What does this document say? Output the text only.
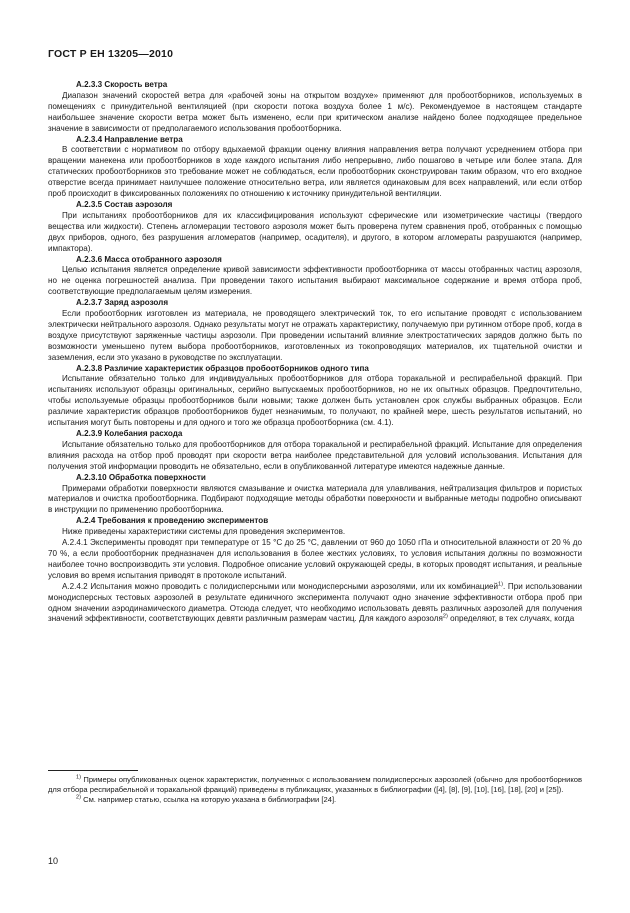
ГОСТ Р ЕН 13205—2010
А.2.3.3 Скорость ветра

Диапазон значений скоростей ветра для «рабочей зоны на открытом воздухе» применяют для пробоотборников, используемых в помещениях с принудительной вентиляцией (при скорости потока воздуха более 1 м/с). Рекомендуемое в настоящем стандарте наибольшее значение скорости ветра может быть изменено, если при критическом анализе найдено более подходящее предельное значение в зависимости от предполагаемого использования пробоотборника.

А.2.3.4 Направление ветра

В соответствии с нормативом по отбору вдыхаемой фракции оценку влияния направления ветра получают усреднением отбора при вращении манекена или пробоотборников в ходе каждого испытания либо непрерывно, либо пошагово в четыре или более этапа. Для статических пробоотборников это требование может не соблюдаться, если пробоотборник сконструирован таким образом, что его входное отверстие всегда принимает наилучшее положение относительно ветра, или является одинаковым для всех направлений, или если отбор проб происходит в фиксированных положениях по отношению к источнику принудительной вентиляции.

А.2.3.5 Состав аэрозоля

При испытаниях пробоотборников для их классифицирования используют сферические или изометрические частицы (твердого вещества или жидкости). Степень агломерации тестового аэрозоля может быть проверена путем сравнения проб, отобранных с помощью двух приборов, одного, без разрушения агломератов (например, осадителя), и другого, в котором агломераты разрушаются (например, импактора).

А.2.3.6 Масса отобранного аэрозоля

Целью испытания является определение кривой зависимости эффективности пробоотборника от массы отобранных частиц аэрозоля, но не оценка погрешностей анализа. При проведении такого испытания выбирают максимальное содержание и время отбора проб, соответствующие предполагаемым целям измерения.

А.2.3.7 Заряд аэрозоля

Если пробоотборник изготовлен из материала, не проводящего электрический ток, то его испытание проводят с использованием электрически нейтрального аэрозоля. Однако результаты могут не отражать характеристику, получаемую при рутинном отборе проб, когда в воздухе присутствуют заряженные частицы аэрозоли. При проведении испытаний влияние электростатических зарядов должно быть по возможности уменьшено путем выбора пробоотборников, изготовленных из токопроводящих материалов, их тщательной очистки и заземления, если это указано в руководстве по эксплуатации.

А.2.3.8 Различие характеристик образцов пробоотборников одного типа

Испытание обязательно только для индивидуальных пробоотборников для отбора торакальной и респирабельной фракций. При испытаниях используют образцы оригинальных, серийно выпускаемых пробоотборников, но не их опытных образцов. Предпочтительно, чтобы используемые образцы пробоотборников были новыми; также должен быть установлен срок службы выбранных образцов. Если различие характеристик образцов пробоотборников будет незначимым, то получают, по крайней мере, шесть результатов испытаний, но испытания могут быть повторены и для одного и того же образца пробоотборника (см. 4.1).

А.2.3.9 Колебания расхода

Испытание обязательно только для пробоотборников для отбора торакальной и респирабельной фракций. Испытание для определения влияния расхода на отбор проб проводят при скорости ветра наиболее представительной для условий использования. Испытания для получения этой информации проводить не обязательно, если в опубликованной литературе имеются надежные данные.

А.2.3.10 Обработка поверхности

Примерами обработки поверхности являются смазывание и очистка материала для улавливания, нейтрализация фильтров и пористых материалов и очистка пробоотборника. Подбирают подходящие методы обработки поверхности и выбранные методы подробно описывают в инструкции по применению пробоотборника.

А.2.4 Требования к проведению экспериментов

Ниже приведены характеристики системы для проведения экспериментов.

А.2.4.1 Эксперименты проводят при температуре от 15 °С до 25 °С, давлении от 960 до 1050 гПа и относительной влажности от 20 % до 70 %, а если пробоотборник предназначен для использования в более жестких условиях, то условия испытания должны по возможности наиболее точно воспроизводить эти условия. Подробное описание условий окружающей среды, в которых проводят испытания, и реальные условия во время испытания приводят в протоколе испытаний.

А.2.4.2 Испытания можно проводить с полидисперсными или монодисперсными аэрозолями, или их комбинацией$^{1)}$. При использовании монодисперсных тестовых аэрозолей в результате единичного эксперимента получают одно значение эффективности отбора проб при одном значении аэродинамического диаметра. Отсюда следует, что необходимо использовать девять различных аэрозолей для получения значений эффективности, соответствующих девяти различным размерам частиц. Для каждого аэрозоля$^{2)}$ определяют, в тех случаях, когда

$^{1)}$ Примеры опубликованных оценок характеристик, полученных с использованием полидисперсных аэрозолей (обычно для пробоотборников для отбора респирабельной и торакальной фракций) приведены в публикациях, указанных в библиографии ([4], [8], [9], [10], [16], [18], [20] и [25]).

$^{2)}$ См. например статью, ссылка на которую указана в библиографии [24].

10
